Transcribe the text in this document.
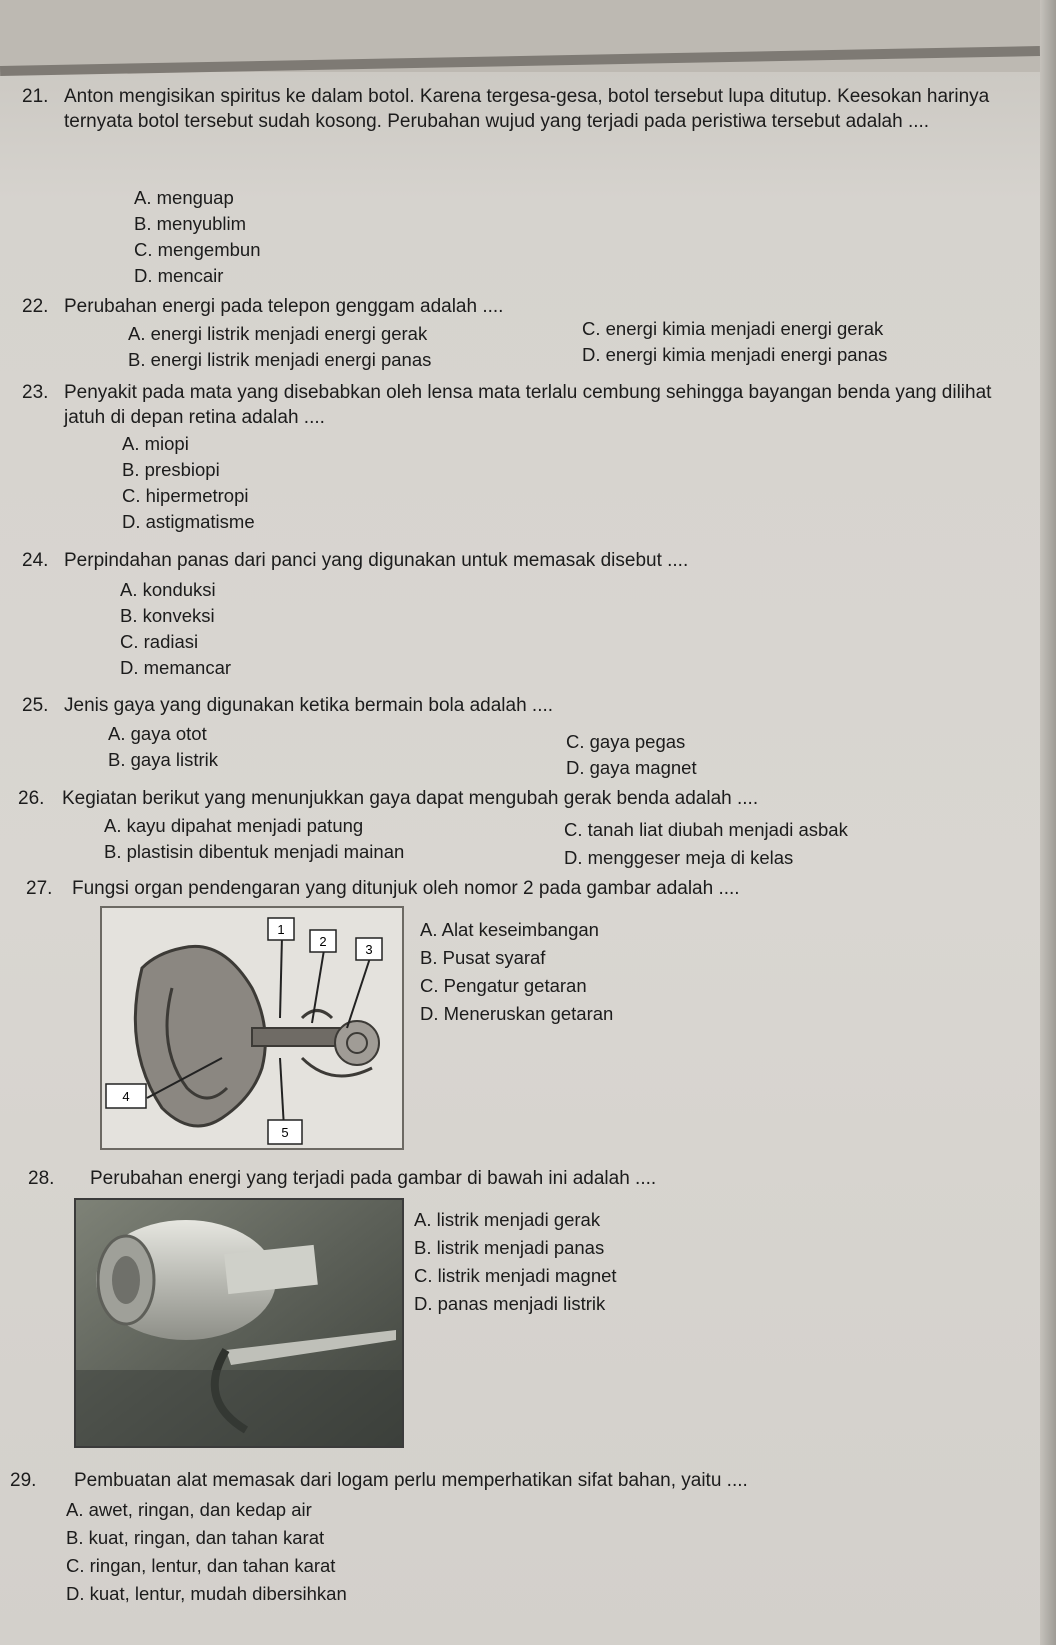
21. Anton mengisikan spiritus ke dalam botol. Karena tergesa-gesa, botol tersebut lupa ditutup. Keesokan harinya ternyata botol tersebut sudah kosong. Perubahan wujud yang terjadi pada peristiwa tersebut adalah ....

A. menguap
B. menyublim
C. mengembun
D. mencair
22. Perubahan energi pada telepon genggam adalah ....
A. energi listrik menjadi energi gerak
B. energi listrik menjadi energi panas
C. energi kimia menjadi energi gerak
D. energi kimia menjadi energi panas
23. Penyakit pada mata yang disebabkan oleh lensa mata terlalu cembung sehingga bayangan benda yang dilihat jatuh di depan retina adalah ....
A. miopi
B. presbiopi
C. hipermetropi
D. astigmatisme
24. Perpindahan panas dari panci yang digunakan untuk memasak disebut ....
A. konduksi
B. konveksi
C. radiasi
D. memancar
25. Jenis gaya yang digunakan ketika bermain bola adalah ....
A. gaya otot
B. gaya listrik
C. gaya pegas
D. gaya magnet
26. Kegiatan berikut yang menunjukkan gaya dapat mengubah gerak benda adalah ....
A. kayu dipahat menjadi patung
B. plastisin dibentuk menjadi mainan
C. tanah liat diubah menjadi asbak
D. menggeser meja di kelas
27. Fungsi organ pendengaran yang ditunjuk oleh nomor 2 pada gambar adalah ....
1
2
3
4
5
A. Alat keseimbangan
B. Pusat syaraf
C. Pengatur getaran
D. Meneruskan getaran
28. Perubahan energi yang terjadi pada gambar di bawah ini adalah ....
A. listrik menjadi gerak
B. listrik menjadi panas
C. listrik menjadi magnet
D. panas menjadi listrik
29. Pembuatan alat memasak dari logam perlu memperhatikan sifat bahan, yaitu ....
A. awet, ringan, dan kedap air
B. kuat, ringan, dan tahan karat
C. ringan, lentur, dan tahan karat
D. kuat, lentur, mudah dibersihkan
